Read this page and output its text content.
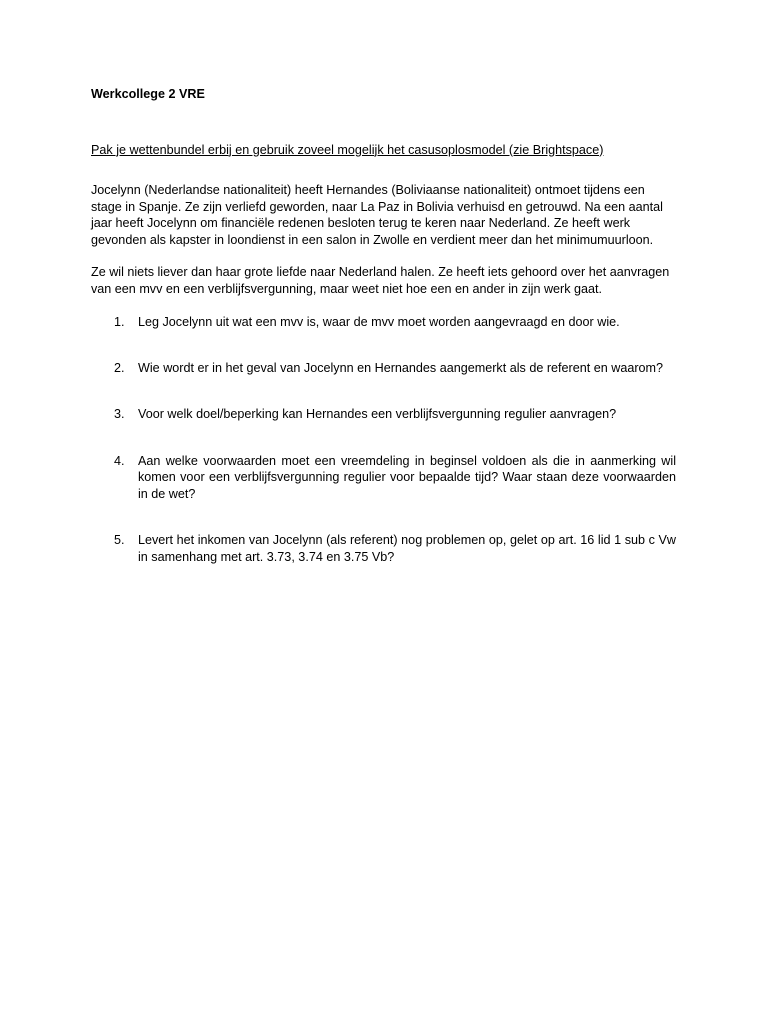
Werkcollege 2 VRE

Pak je wettenbundel erbij en gebruik zoveel mogelijk het casusoplosmodel (zie Brightspace)

Jocelynn (Nederlandse nationaliteit) heeft Hernandes (Boliviaanse nationaliteit) ontmoet tijdens een stage in Spanje. Ze zijn verliefd geworden, naar La Paz in Bolivia verhuisd en getrouwd. Na een aantal jaar heeft Jocelynn om financiële redenen besloten terug te keren naar Nederland. Ze heeft werk gevonden als kapster in loondienst in een salon in Zwolle en verdient meer dan het minimumuurloon.

Ze wil niets liever dan haar grote liefde naar Nederland halen. Ze heeft iets gehoord over het aanvragen van een mvv en een verblijfsvergunning, maar weet niet hoe een en ander in zijn werk gaat.

1. Leg Jocelynn uit wat een mvv is, waar de mvv moet worden aangevraagd en door wie.
2. Wie wordt er in het geval van Jocelynn en Hernandes aangemerkt als de referent en waarom?
3. Voor welk doel/beperking kan Hernandes een verblijfsvergunning regulier aanvragen?
4. Aan welke voorwaarden moet een vreemdeling in beginsel voldoen als die in aanmerking wil komen voor een verblijfsvergunning regulier voor bepaalde tijd? Waar staan deze voorwaarden in de wet?
5. Levert het inkomen van Jocelynn (als referent) nog problemen op, gelet op art. 16 lid 1 sub c Vw in samenhang met art. 3.73, 3.74 en 3.75 Vb?
